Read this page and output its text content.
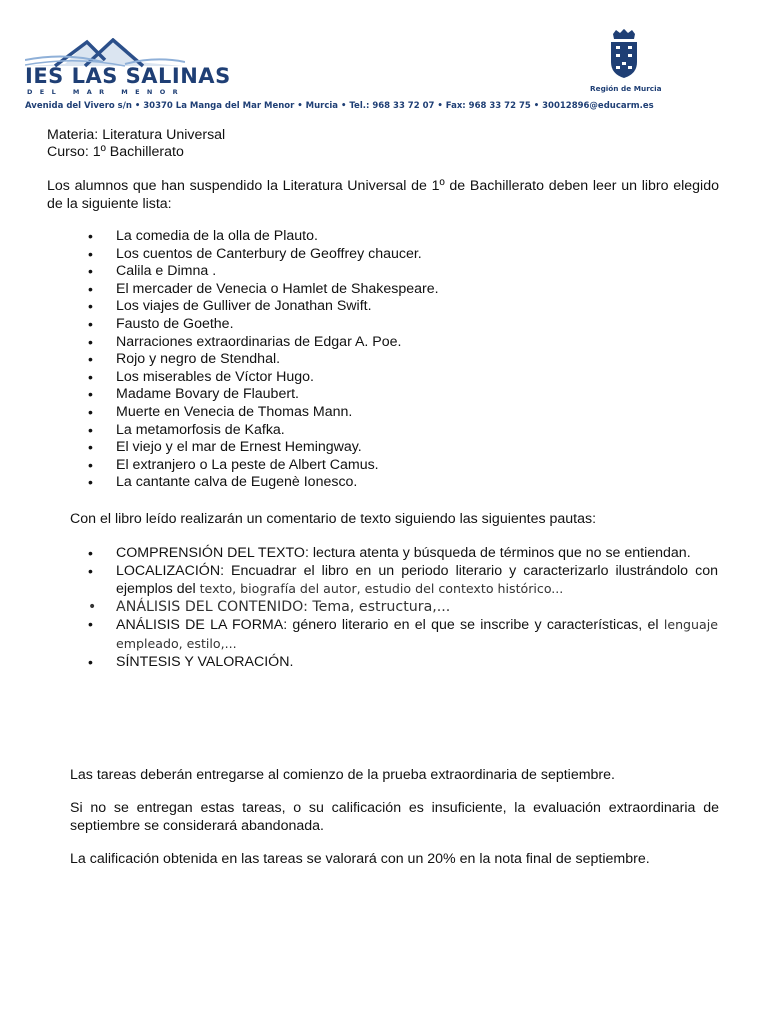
IES LAS SALINAS
DEL MAR MENOR
Avenida del Vivero s/n • 30370 La Manga del Mar Menor • Murcia • Tel.: 968 33 72 07 • Fax: 968 33 72 75 • 30012896@educarm.es
Región de Murcia
Materia: Literatura Universal
Curso: 1º Bachillerato
Los alumnos que han suspendido la Literatura Universal de 1º de Bachillerato deben leer un libro elegido de la siguiente lista:
• La comedia de la olla de Plauto.
• Los cuentos de Canterbury de Geoffrey chaucer.
• Calila e Dimna .
• El mercader de Venecia o Hamlet de Shakespeare.
• Los viajes de Gulliver de Jonathan Swift.
• Fausto de Goethe.
• Narraciones extraordinarias de Edgar A. Poe.
• Rojo y negro de Stendhal.
• Los miserables de Víctor Hugo.
• Madame Bovary de Flaubert.
• Muerte en Venecia de Thomas Mann.
• La metamorfosis de Kafka.
• El viejo y el mar de Ernest Hemingway.
• El extranjero o La peste de Albert Camus.
• La cantante calva de Eugenè Ionesco.
Con el libro leído realizarán un comentario de texto siguiendo las siguientes pautas:
• COMPRENSIÓN DEL TEXTO: lectura atenta y búsqueda de términos que no se entiendan.
• LOCALIZACIÓN: Encuadrar el libro en un periodo literario y caracterizarlo ilustrándolo con ejemplos del texto, biografía del autor, estudio del contexto histórico...
• ANÁLISIS DEL CONTENIDO: Tema, estructura,...
• ANÁLISIS DE LA FORMA: género literario en el que se inscribe y características, el lenguaje empleado, estilo,...
• SÍNTESIS Y VALORACIÓN.
Las tareas deberán entregarse al comienzo de la prueba extraordinaria de septiembre.
Si no se entregan estas tareas, o su calificación es insuficiente, la evaluación extraordinaria de septiembre se considerará abandonada.
La calificación obtenida en las tareas se valorará con un 20% en la nota final de septiembre.
